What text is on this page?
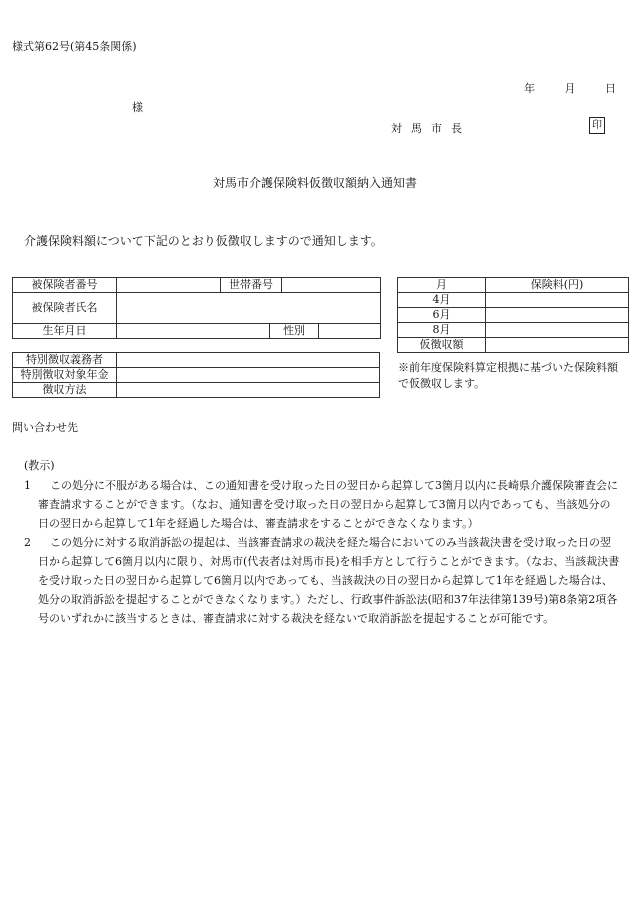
様式第62号(第45条関係)
年	月	日
様
対馬市長	印
対馬市介護保険料仮徴収額納入通知書
介護保険料額について下記のとおり仮徴収しますので通知します。
被保険者番号		世帯番号			
被保険者氏名					
生年月日			性別		
特別徴収義務者	
特別徴収対象年金	
徴収方法	
月	保険料(円)
4月	
6月	
8月	
仮徴収額	
※前年度保険料算定根拠に基づいた保険料額で仮徴収します。
問い合わせ先
(教示)
1	この処分に不服がある場合は、この通知書を受け取った日の翌日から起算して3箇月以内に長崎県介護保険審査会に審査請求することができます。（なお、通知書を受け取った日の翌日から起算して3箇月以内であっても、当該処分の日の翌日から起算して1年を経過した場合は、審査請求をすることができなくなります。）
2	この処分に対する取消訴訟の提起は、当該審査請求の裁決を経た場合においてのみ当該裁決書を受け取った日の翌日から起算して6箇月以内に限り、対馬市(代表者は対馬市長)を相手方として行うことができます。（なお、当該裁決書を受け取った日の翌日から起算して6箇月以内であっても、当該裁決の日の翌日から起算して1年を経過した場合は、処分の取消訴訟を提起することができなくなります。）ただし、行政事件訴訟法(昭和37年法律第139号)第8条第2項各号のいずれかに該当するときは、審査請求に対する裁決を経ないで取消訴訟を提起することが可能です。
